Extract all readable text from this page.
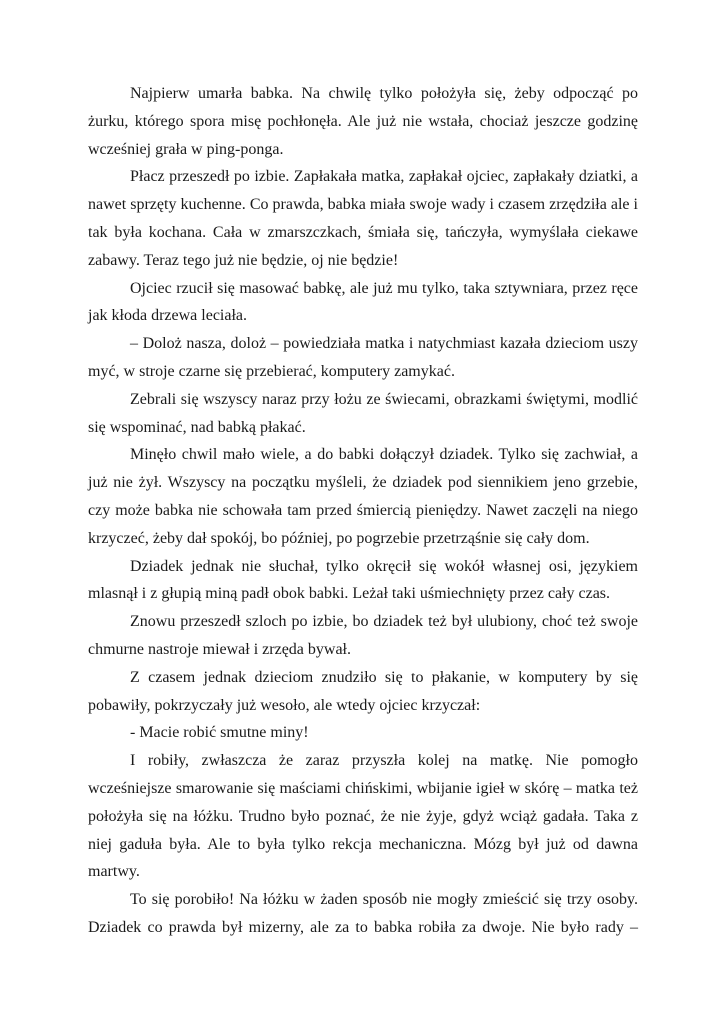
Najpierw umarła babka. Na chwilę tylko położyła się, żeby odpocząć po żurku, którego spora misę pochłonęła. Ale już nie wstała, chociaż jeszcze godzinę wcześniej grała w ping-ponga.

Płacz przeszedł po izbie. Zapłakała matka, zapłakał ojciec, zapłakały dziatki, a nawet sprzęty kuchenne. Co prawda, babka miała swoje wady i czasem zrzędziła ale i tak była kochana. Cała w zmarszczkach, śmiała się, tańczyła, wymyślała ciekawe zabawy. Teraz tego już nie będzie, oj nie będzie!

Ojciec rzucił się masować babkę, ale już mu tylko, taka sztywniara, przez ręce jak kłoda drzewa leciała.

– Doloż nasza, doloż – powiedziała matka i natychmiast kazała dzieciom uszy myć, w stroje czarne się przebierać, komputery zamykać.

Zebrali się wszyscy naraz przy łożu ze świecami, obrazkami świętymi, modlić się wspominać, nad babką płakać.

Minęło chwil mało wiele, a do babki dołączył dziadek. Tylko się zachwiał, a już nie żył. Wszyscy na początku myśleli, że dziadek pod siennikiem jeno grzebie, czy może babka nie schowała tam przed śmiercią pieniędzy. Nawet zaczęli na niego krzyczeć, żeby dał spokój, bo później, po pogrzebie przetrząśnie się cały dom.

Dziadek jednak nie słuchał, tylko okręcił się wokół własnej osi, językiem mlasnął i z głupią miną padł obok babki. Leżał taki uśmiechnięty przez cały czas.

Znowu przeszedł szloch po izbie, bo dziadek też był ulubiony, choć też swoje chmurne nastroje miewał i zrzęda bywał.

Z czasem jednak dzieciom znudziło się to płakanie, w komputery by się pobawiły, pokrzyczały już wesoło, ale wtedy ojciec krzyczał:

- Macie robić smutne miny!

I robiły, zwłaszcza że zaraz przyszła kolej na matkę. Nie pomogło wcześniejsze smarowanie się maściami chińskimi, wbijanie igieł w skórę – matka też położyła się na łóżku. Trudno było poznać, że nie żyje, gdyż wciąż gadała. Taka z niej gaduła była. Ale to była tylko rekcja mechaniczna. Mózg był już od dawna martwy.

To się porobiło! Na łóżku w żaden sposób nie mogły zmieścić się trzy osoby. Dziadek co prawda był mizerny, ale za to babka robiła za dwoje. Nie było rady –
